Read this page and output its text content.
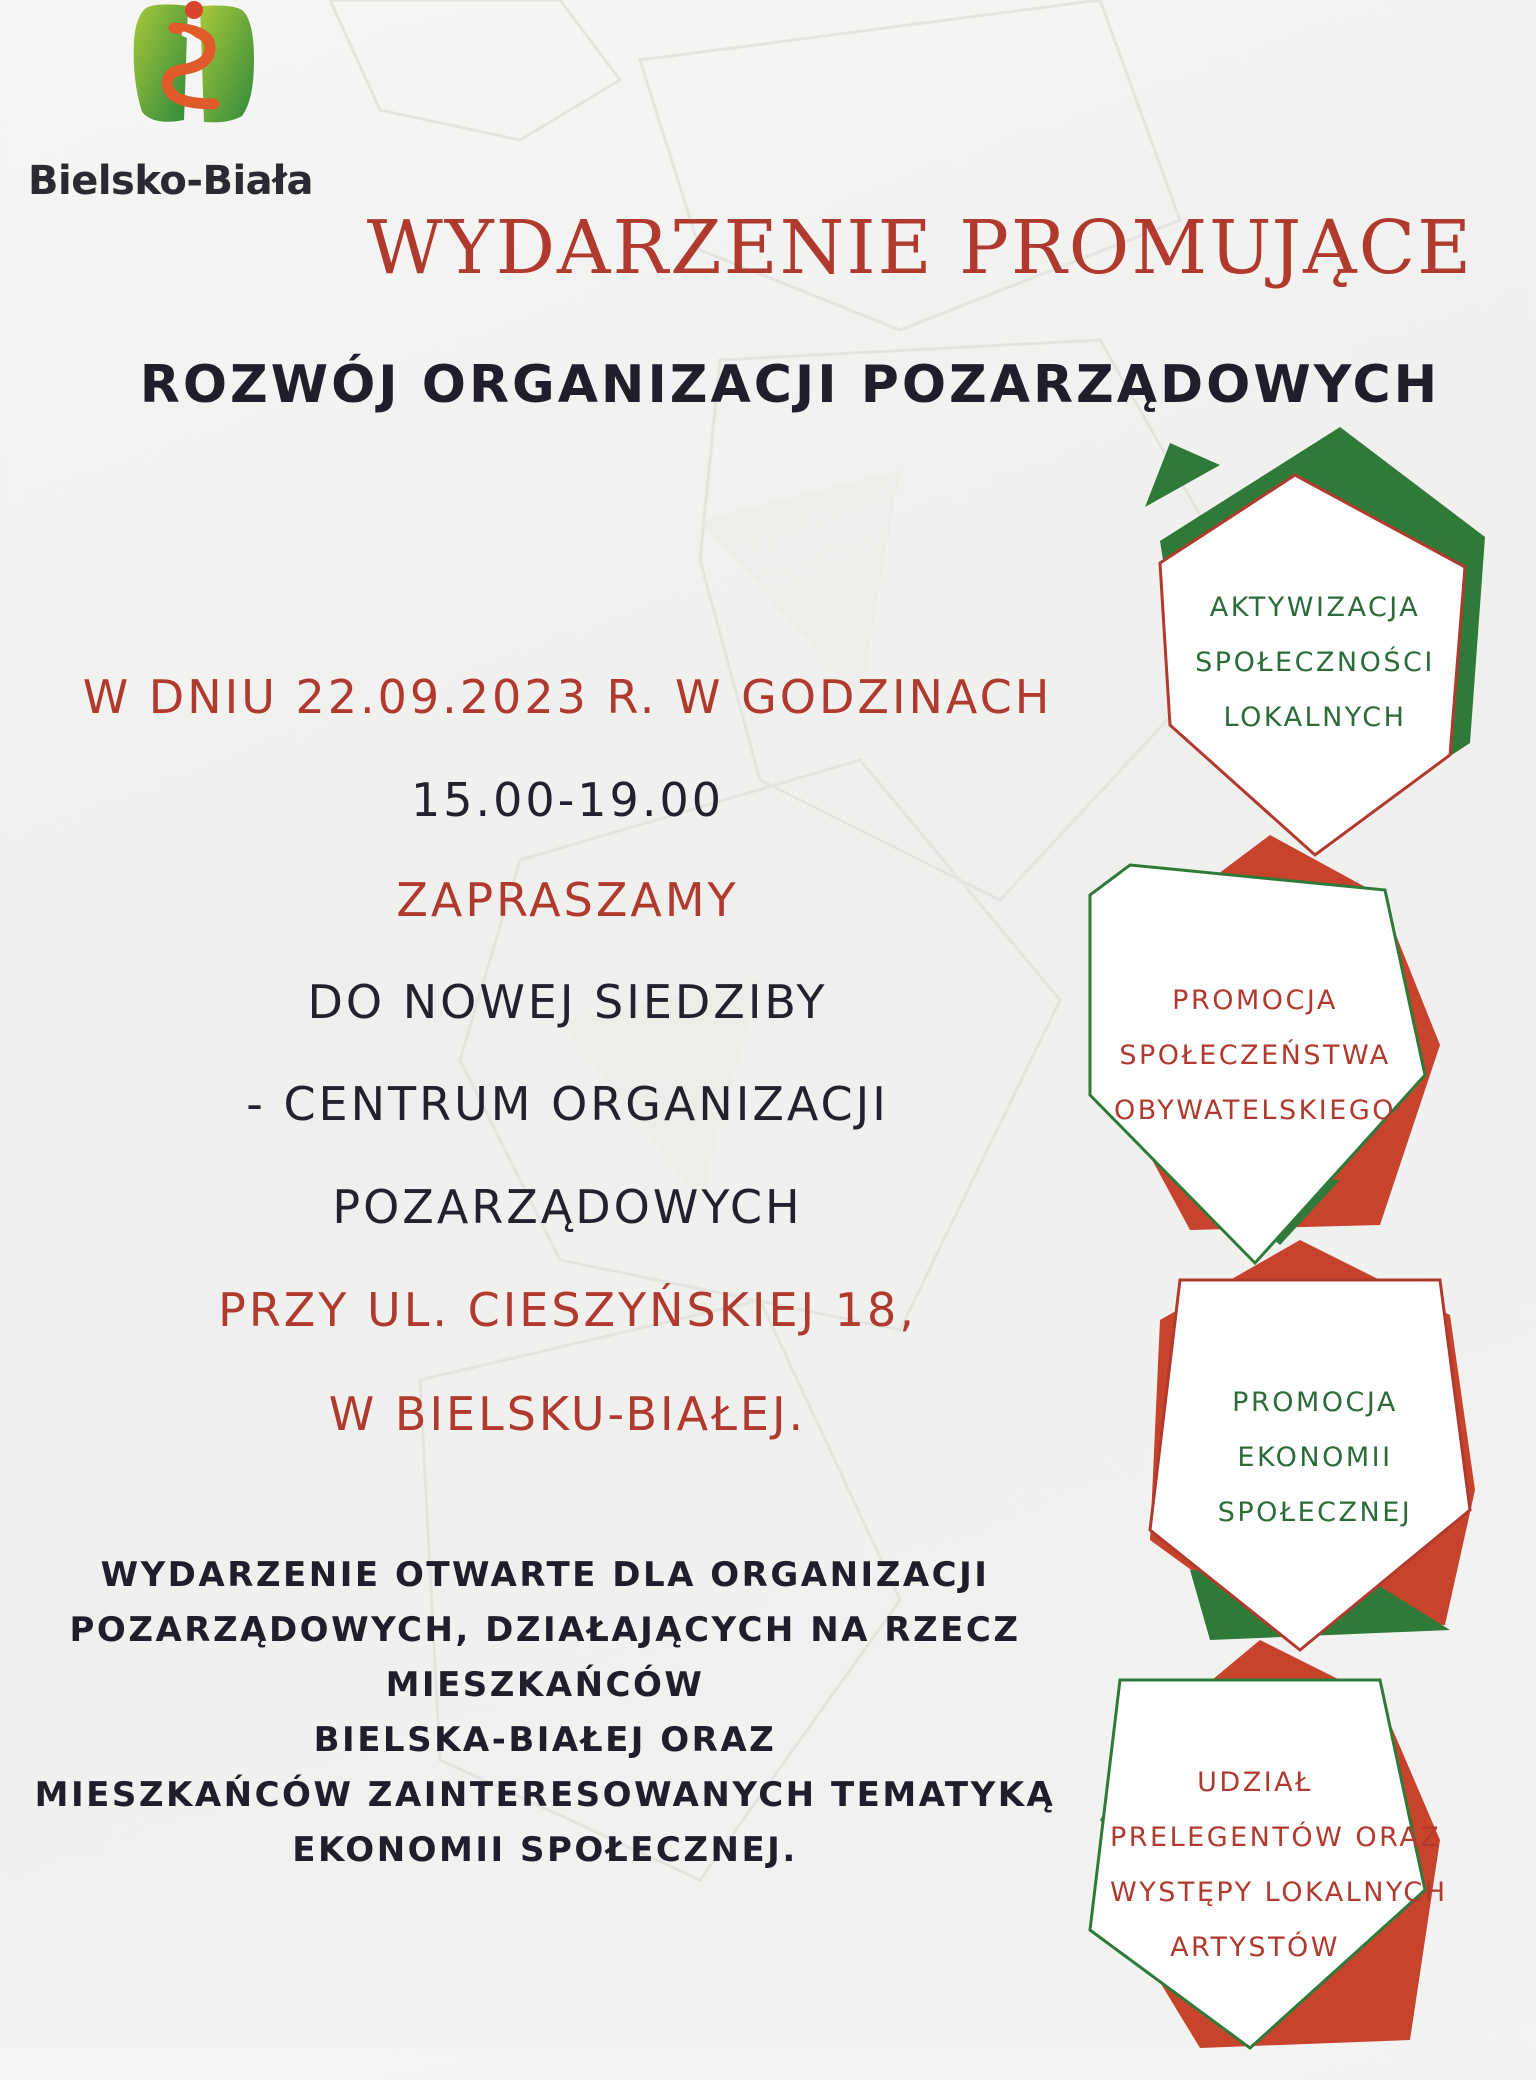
Bielsko-Biała
WYDARZENIE PROMUJĄCE
ROZWÓJ ORGANIZACJI POZARZĄDOWYCH
W DNIU 22.09.2023 R. W GODZINACH
15.00-19.00
ZAPRASZAMY
DO NOWEJ SIEDZIBY
- CENTRUM ORGANIZACJI
POZARZĄDOWYCH
PRZY UL. CIESZYŃSKIEJ 18,
W BIELSKU-BIAŁEJ.
WYDARZENIE OTWARTE DLA ORGANIZACJI
POZARZĄDOWYCH, DZIAŁAJĄCYCH NA RZECZ
MIESZKAŃCÓW
BIELSKA-BIAŁEJ ORAZ
MIESZKAŃCÓW ZAINTERESOWANYCH TEMATYKĄ
EKONOMII SPOŁECZNEJ.
AKTYWIZACJA
SPOŁECZNOŚCI
LOKALNYCH
PROMOCJA
SPOŁECZEŃSTWA
OBYWATELSKIEGO
PROMOCJA
EKONOMII
SPOŁECZNEJ
UDZIAŁ
PRELEGENTÓW ORAZ
WYSTĘPY LOKALNYCH
ARTYSTÓW
